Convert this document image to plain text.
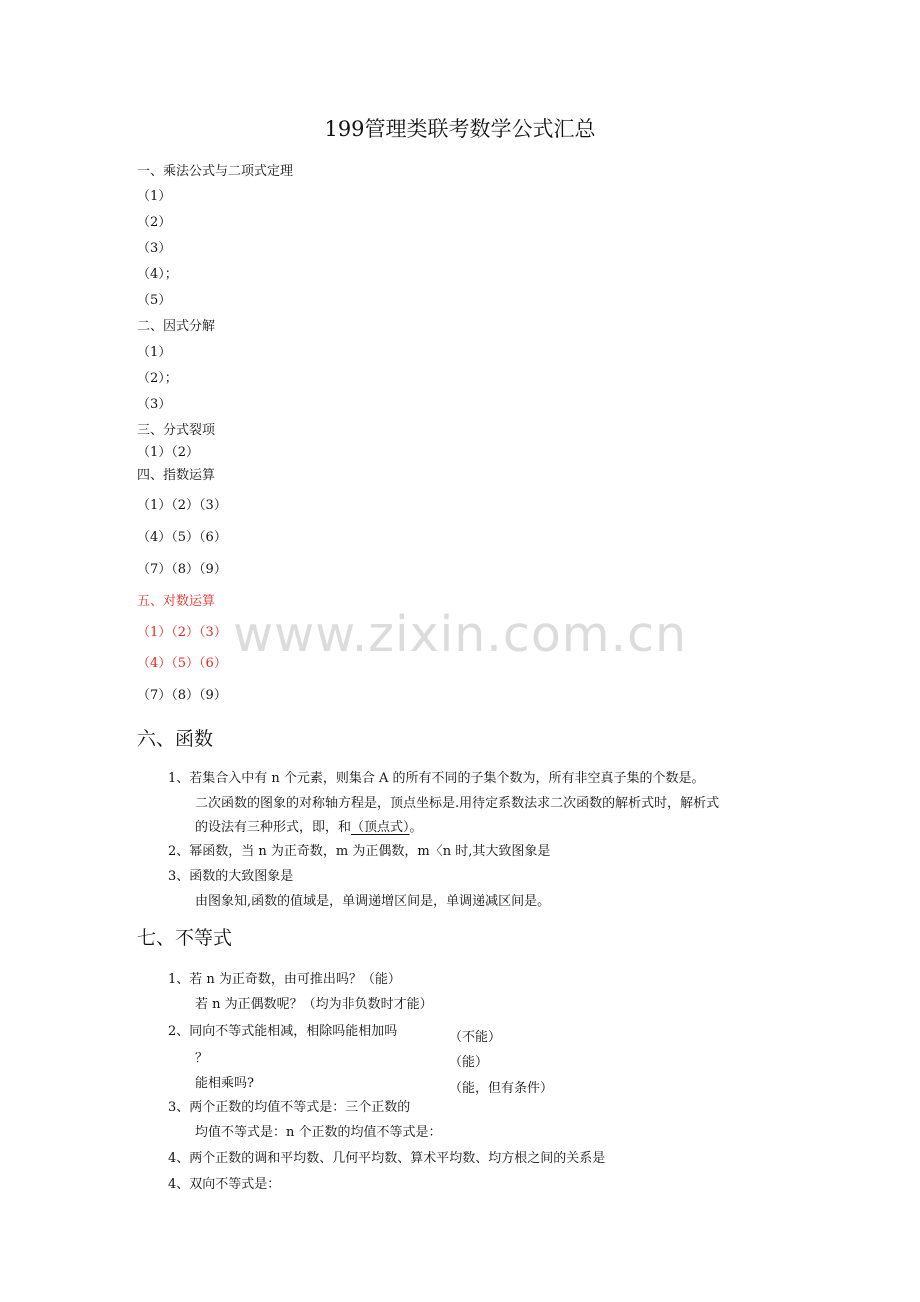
199管理类联考数学公式汇总
一、乘法公式与二项式定理
（1）
（2）
（3）
（4）；
（5）
二、因式分解
（1）
（2）；
（3）
三、分式裂项
（1）（2）
四、指数运算
（1）（2）（3）
（4）（5）（6）
（7）（8）（9）
五、对数运算
（1）（2）（3）
（4）（5）（6）
（7）（8）（9）
www.zixin.com.cn
六、函数
1、若集合入中有 n 个元素，则集合 A 的所有不同的子集个数为，所有非空真子集的个数是。
二次函数的图象的对称轴方程是，顶点坐标是.用待定系数法求二次函数的解析式时，解析式
的设法有三种形式，即，和（顶点式）。
2、幂函数，当 n 为正奇数，m 为正偶数，m〈n 时,其大致图象是
3、函数的大致图象是
由图象知,函数的值域是，单调递增区间是，单调递减区间是。
七、不等式
1、若 n 为正奇数，由可推出吗？（能）
若 n 为正偶数呢？（均为非负数时才能）
2、同向不等式能相减，相除吗能相加吗	（不能）
？	（能）
能相乘吗?	（能，但有条件）
3、两个正数的均值不等式是：三个正数的
均值不等式是：n 个正数的均值不等式是：
4、两个正数的调和平均数、几何平均数、算术平均数、均方根之间的关系是
4、双向不等式是：
